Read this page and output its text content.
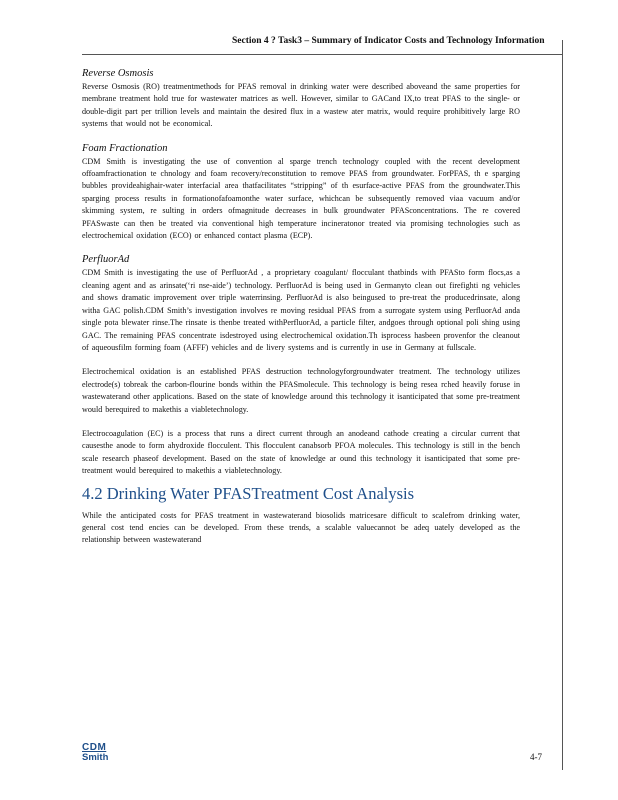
Section 4 ? Task3 – Summary of Indicator Costs and Technology Information
Reverse Osmosis

Reverse Osmosis (RO) treatmentmethods for PFAS removal in drinking water were described aboveand the same properties for membrane treatment hold true for wastewater matrices as well. However, similar to GACand IX,to treat PFAS to the single- or double-digit part per trillion levels and maintain the desired flux in a wastew ater matrix, would require prohibitively large RO systems that would not be economical.

Foam Fractionation

CDM Smith is investigating the use of convention al sparge trench technology coupled with the recent development offoamfractionation te chnology and foam recovery/reconstitution to remove PFAS from groundwater. ForPFAS, th e sparging bubbles provideahighair-water interfacial area thatfacilitates “stripping” of th esurface-active PFAS from the groundwater.This sparging process results in formationofafoamonthe water surface, whichcan be subsequently removed viaa vacuum and/or skimming system, re sulting in orders ofmagnitude decreases in bulk groundwater PFASconcentrations. The re covered PFASwaste can then be treated via conventional high temperature incineratonor treated via promising technologies such as electrochemical oxidation (ECO) or enhanced contact plasma (ECP).

PerfluorAd

CDM Smith is investigating the use of PerfluorAd , a proprietary coagulant/ flocculant thatbinds with PFASto form flocs,as a cleaning agent and as arinsate(‘ri nse-aide’) technology. PerfluorAd is being used in Germanyto clean out firefighti ng vehicles and shows dramatic improvement over triple waterrinsing. PerfluorAd is also beingused to pre-treat the producedrinsate, along witha GAC polish.CDM Smith’s investigation involves re moving residual PFAS from a surrogate system using PerfluorAd anda single pota blewater rinse.The rinsate is thenbe treated withPerfluorAd, a particle filter, andgoes through optional poli shing using GAC. The remaining PFAS concentrate isdestroyed using electrochemical oxidation.Th isprocess hasbeen provenfor the cleanout of aqueousfilm forming foam (AFFF) vehicles and de livery systems and is currently in use in Germany at fullscale.

Electrochemical oxidation is an established PFAS destruction technologyforgroundwater treatment. The technology utilizes electrode(s) tobreak the carbon-flourine bonds within the PFASmolecule. This technology is being resea rched heavily foruse in wastewaterand other applications. Based on the state of knowledge around this technology it isanticipated that some pre-treatment would berequired to makethis a viabletechnology.

Electrocoagulation (EC) is a process that runs a direct current through an anodeand cathode creating a circular current that causesthe anode to form ahydroxide flocculent. This flocculent canabsorb PFOA molecules. This technology is still in the bench scale research phaseof development. Based on the state of knowledge ar ound this technology it isanticipated that some pre-treatment would berequired to makethis a viabletechnology.

4.2 Drinking Water PFASTreatment Cost Analysis

While the anticipated costs for PFAS treatment in wastewaterand biosolids matricesare difficult to scalefrom drinking water, general cost tend encies can be developed. From these trends, a scalable valuecannot be adeq uately developed as the relationship between wastewaterand

CDM
Smith	4-7
